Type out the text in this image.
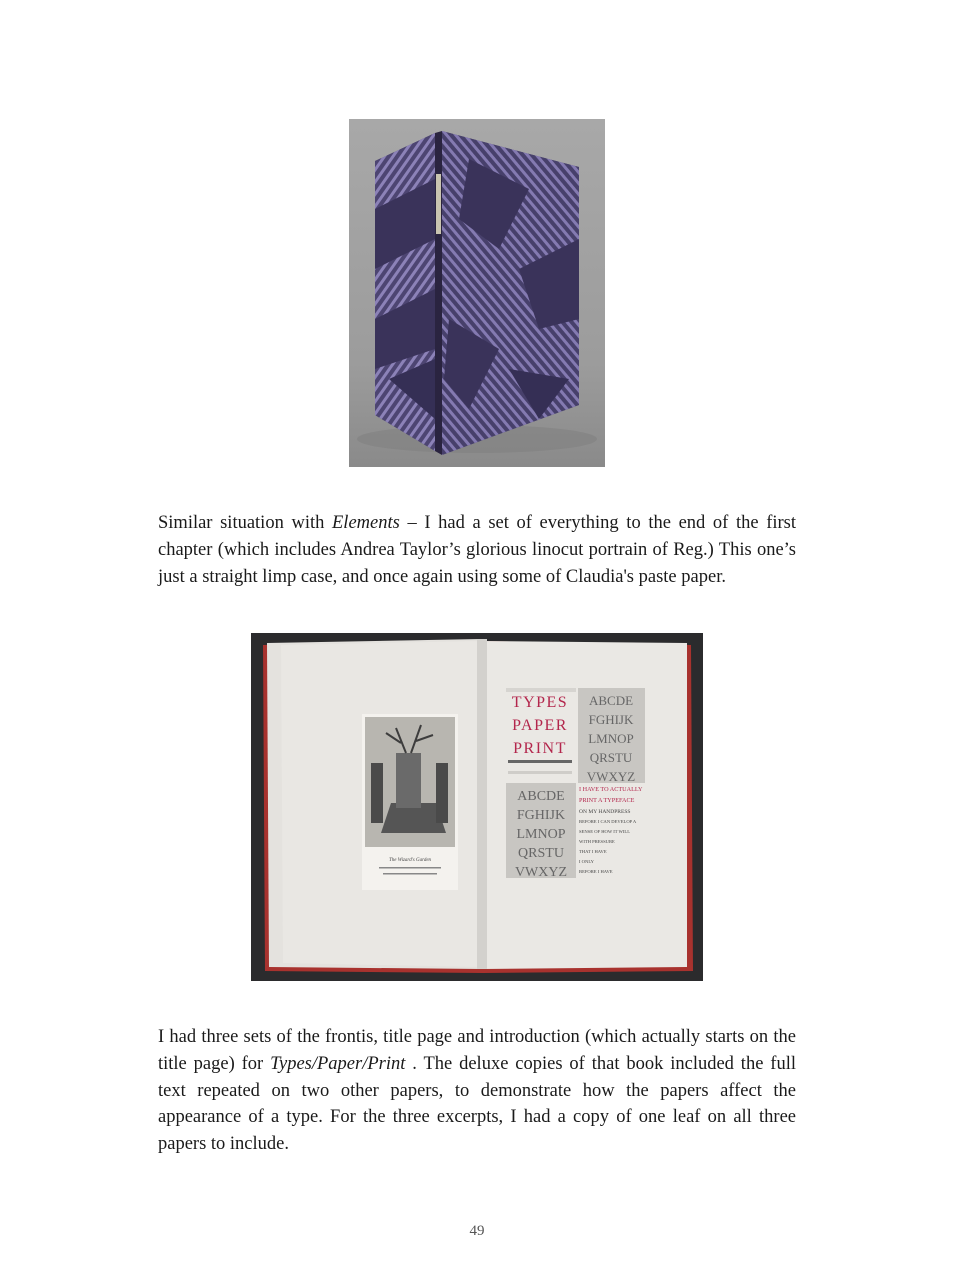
Similar situation with Elements – I had a set of everything to the end of the first chapter (which includes Andrea Taylor’s glorious linocut portrain of Reg.) This one’s just a straight limp case, and once again using some of Claudia's paste paper.

The Wizard's Garden
TYPES
PAPER
PRINT
ABCDE
FGHIJK
LMNOP
QRSTU
VWXYZ
ABCDE
FGHIJK
LMNOP
QRSTU
VWXYZ
I HAVE TO ACTUALLY
PRINT A TYPEFACE
ON MY HANDPRESS
BEFORE I CAN DEVELOP A
SENSE OF HOW IT WILL
WITH PRESSURE
THAT I HAVE
I ONLY
BEFORE I HAVE

I had three sets of the frontis, title page and introduction (which actually starts on the title page) for Types/Paper/Print . The deluxe copies of that book included the full text repeated on two other papers, to demonstrate how the papers affect the appearance of a type. For the three excerpts, I had a copy of one leaf on all three papers to include.

49
